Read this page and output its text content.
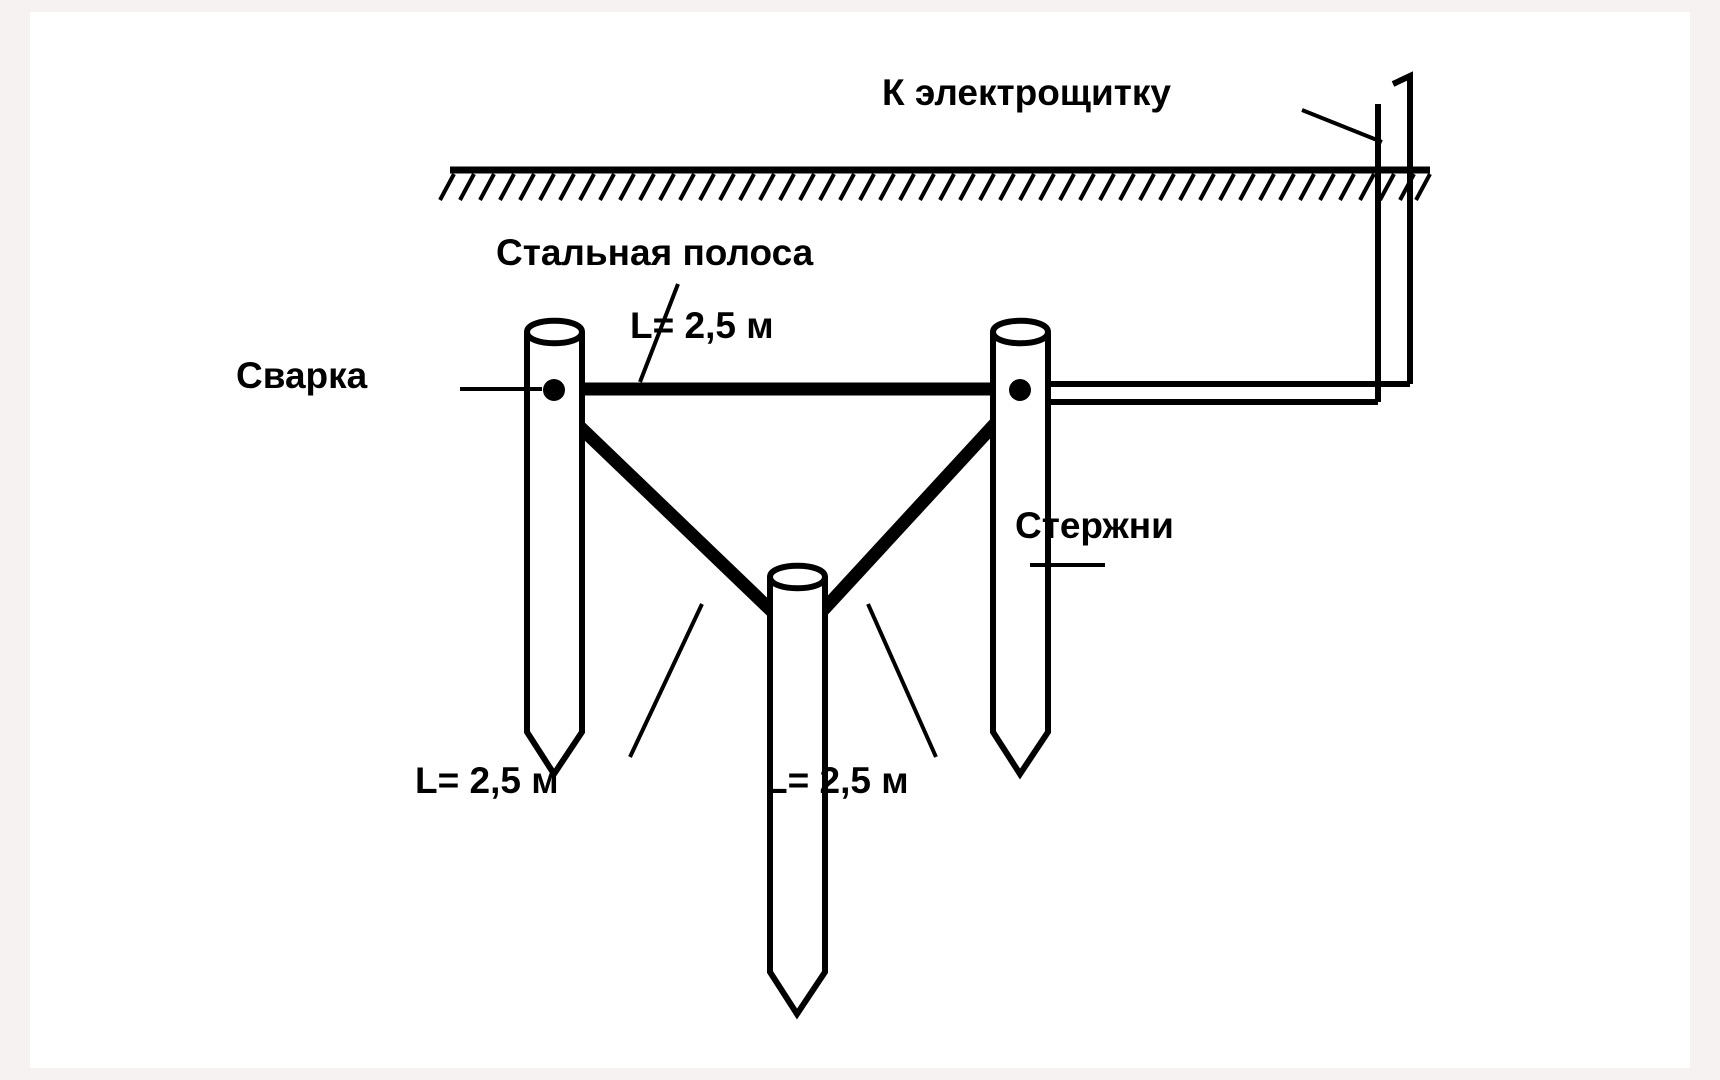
К электрощитку
Стальная полоса
L= 2,5 м
Сварка
Стержни
L= 2,5 м	L= 2,5 м
